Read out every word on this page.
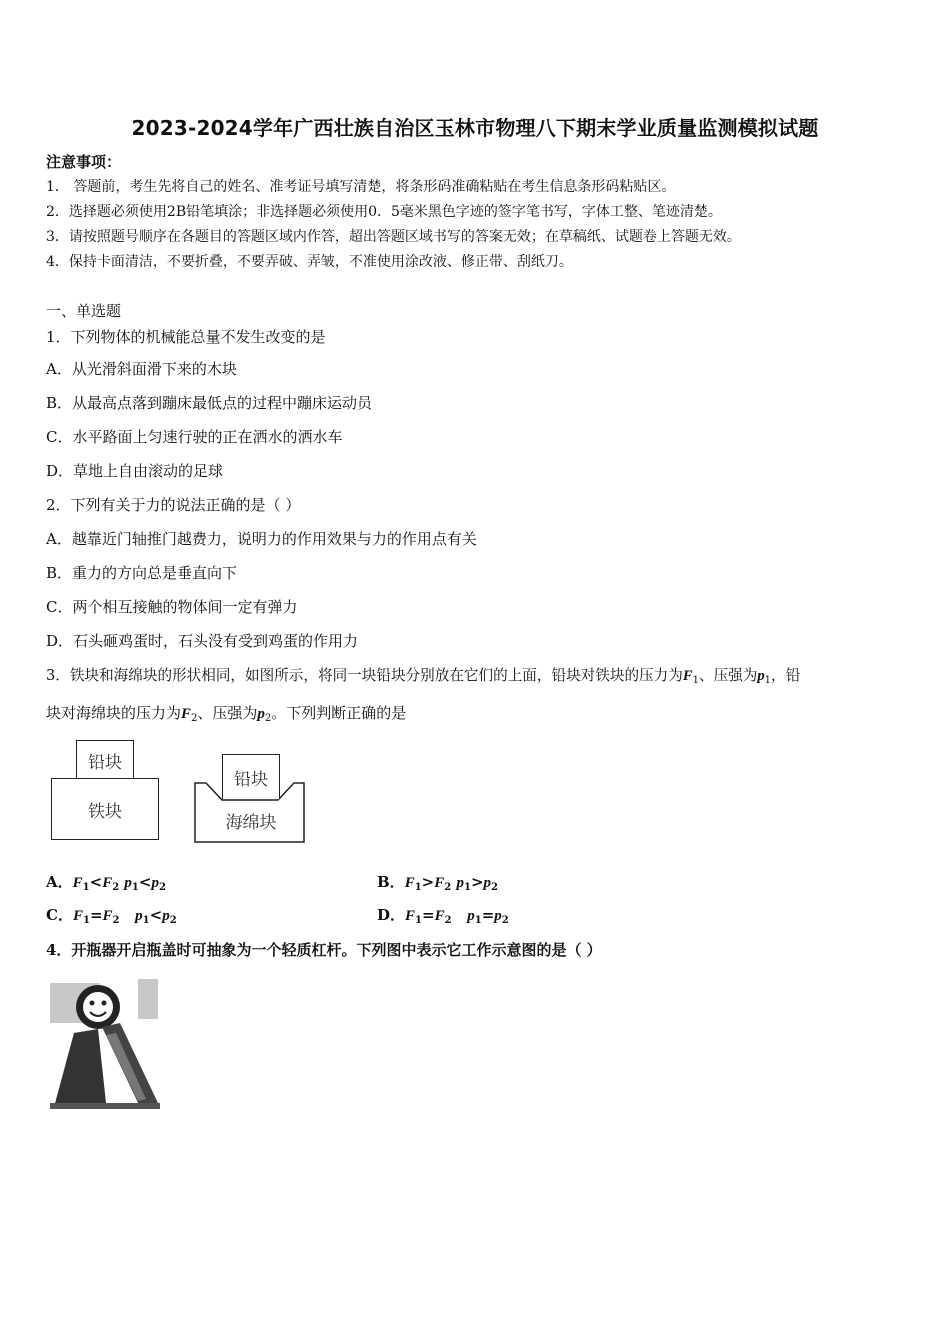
2023-2024学年广西壮族自治区玉林市物理八下期末学业质量监测模拟试题
注意事项：
1． 答题前，考生先将自己的姓名、准考证号填写清楚，将条形码准确粘贴在考生信息条形码粘贴区。
2．选择题必须使用2B铅笔填涂；非选择题必须使用0．5毫米黑色字迹的签字笔书写，字体工整、笔迹清楚。
3．请按照题号顺序在各题目的答题区域内作答，超出答题区域书写的答案无效；在草稿纸、试题卷上答题无效。
4．保持卡面清洁，不要折叠，不要弄破、弄皱，不准使用涂改液、修正带、刮纸刀。
一、单选题
1．下列物体的机械能总量不发生改变的是
A．从光滑斜面滑下来的木块
B．从最高点落到蹦床最低点的过程中蹦床运动员
C．水平路面上匀速行驶的正在洒水的洒水车
D．草地上自由滚动的足球
2．下列有关于力的说法正确的是（ ）
A．越靠近门轴推门越费力，说明力的作用效果与力的作用点有关
B．重力的方向总是垂直向下
C．两个相互接触的物体间一定有弹力
D．石头砸鸡蛋时，石头没有受到鸡蛋的作用力
3．铁块和海绵块的形状相同，如图所示，将同一块铅块分别放在它们的上面，铅块对铁块的压力为$F_1$、压强为$p_1$，铅
块对海绵块的压力为$F_2$、压强为$p_2$。下列判断正确的是
铅块
铁块
铅块
海绵块
A．$F_1<F_2$ $p_1<p_2$	B．$F_1>F_2$ $p_1>p_2$
C．$F_1=F_2$ $p_1<p_2$	D．$F_1=F_2$ $p_1=p_2$
4．开瓶器开启瓶盖时可抽象为一个轻质杠杆。下列图中表示它工作示意图的是（ ）
